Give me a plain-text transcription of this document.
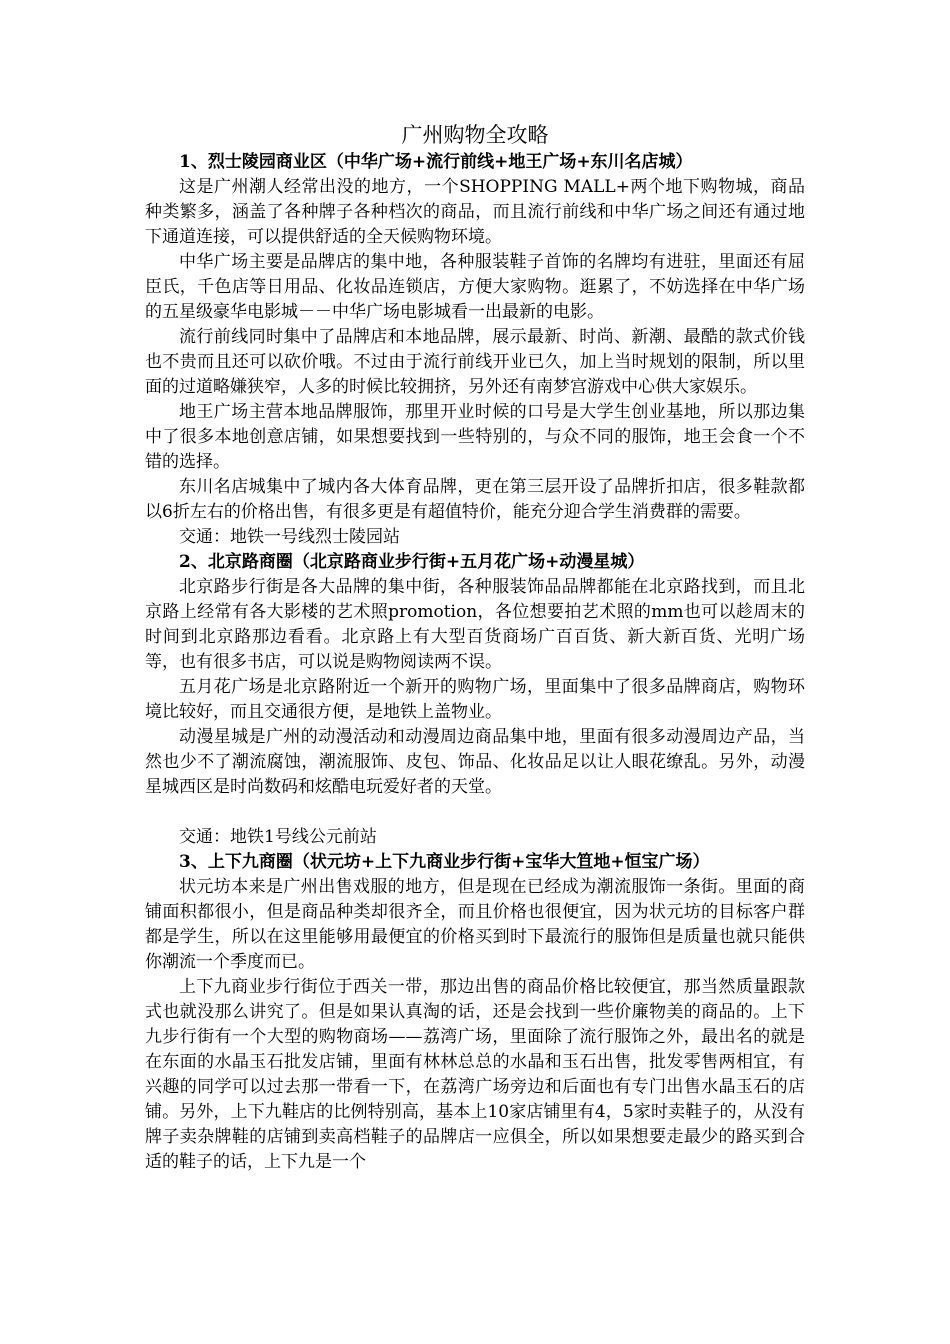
广州购物全攻略

1、烈士陵园商业区（中华广场+流行前线+地王广场+东川名店城）

这是广州潮人经常出没的地方，一个SHOPPING MALL+两个地下购物城，商品种类繁多，涵盖了各种牌子各种档次的商品，而且流行前线和中华广场之间还有通过地下通道连接，可以提供舒适的全天候购物环境。

中华广场主要是品牌店的集中地，各种服装鞋子首饰的名牌均有进驻，里面还有屈臣氏，千色店等日用品、化妆品连锁店，方便大家购物。逛累了，不妨选择在中华广场的五星级豪华电影城－－中华广场电影城看一出最新的电影。

流行前线同时集中了品牌店和本地品牌，展示最新、时尚、新潮、最酷的款式价钱也不贵而且还可以砍价哦。不过由于流行前线开业已久，加上当时规划的限制，所以里面的过道略嫌狭窄，人多的时候比较拥挤，另外还有南梦宫游戏中心供大家娱乐。

地王广场主营本地品牌服饰，那里开业时候的口号是大学生创业基地，所以那边集中了很多本地创意店铺，如果想要找到一些特别的，与众不同的服饰，地王会食一个不错的选择。

东川名店城集中了城内各大体育品牌，更在第三层开设了品牌折扣店，很多鞋款都以6折左右的价格出售，有很多更是有超值特价，能充分迎合学生消费群的需要。

交通：地铁一号线烈士陵园站

2、北京路商圈（北京路商业步行街+五月花广场+动漫星城）

北京路步行街是各大品牌的集中街，各种服装饰品品牌都能在北京路找到，而且北京路上经常有各大影楼的艺术照promotion，各位想要拍艺术照的mm也可以趁周末的时间到北京路那边看看。北京路上有大型百货商场广百百货、新大新百货、光明广场等，也有很多书店，可以说是购物阅读两不误。

五月花广场是北京路附近一个新开的购物广场，里面集中了很多品牌商店，购物环境比较好，而且交通很方便，是地铁上盖物业。

动漫星城是广州的动漫活动和动漫周边商品集中地，里面有很多动漫周边产品，当然也少不了潮流腐蚀，潮流服饰、皮包、饰品、化妆品足以让人眼花缭乱。另外，动漫星城西区是时尚数码和炫酷电玩爱好者的天堂。

交通：地铁1号线公元前站

3、上下九商圈（状元坊+上下九商业步行街+宝华大笪地+恒宝广场）

状元坊本来是广州出售戏服的地方，但是现在已经成为潮流服饰一条街。里面的商铺面积都很小，但是商品种类却很齐全，而且价格也很便宜，因为状元坊的目标客户群都是学生，所以在这里能够用最便宜的价格买到时下最流行的服饰但是质量也就只能供你潮流一个季度而已。

上下九商业步行街位于西关一带，那边出售的商品价格比较便宜，那当然质量跟款式也就没那么讲究了。但是如果认真淘的话，还是会找到一些价廉物美的商品的。上下九步行街有一个大型的购物商场——荔湾广场，里面除了流行服饰之外，最出名的就是在东面的水晶玉石批发店铺，里面有林林总总的水晶和玉石出售，批发零售两相宜，有兴趣的同学可以过去那一带看一下，在荔湾广场旁边和后面也有专门出售水晶玉石的店铺。另外，上下九鞋店的比例特别高，基本上10家店铺里有4，5家时卖鞋子的，从没有牌子卖杂牌鞋的店铺到卖高档鞋子的品牌店一应俱全，所以如果想要走最少的路买到合适的鞋子的话，上下九是一个
